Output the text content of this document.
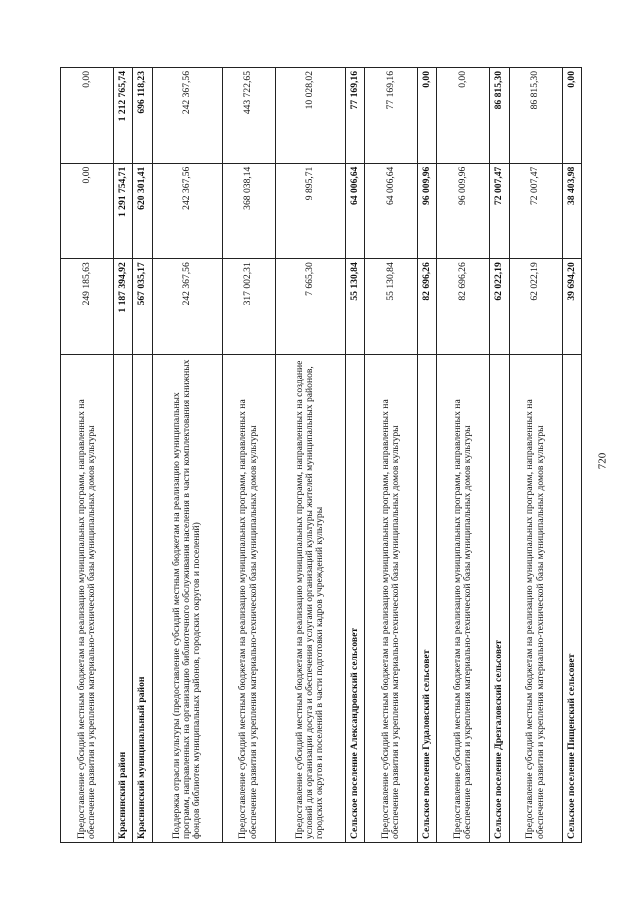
720
Предоставление субсидий местным бюджетам на реализацию муниципальных программ, направленных на обеспечение развития и укрепления материально-технической базы муниципальных домов культуры	249 185,63	0,00	0,00
Краснинский район	1 187 394,92	1 291 754,71	1 212 765,74
Краснинский муниципальный район	567 035,17	620 301,41	696 118,23
Поддержка отрасли культуры (предоставление субсидий местным бюджетам на реализацию муниципальных программ, направленных на организацию библиотечного обслуживания населения в части комплектования книжных фондов библиотек муниципальных районов, городских округов и поселений)	242 367,56	242 367,56	242 367,56
Предоставление субсидий местным бюджетам на реализацию муниципальных программ, направленных на обеспечение развития и укрепления материально-технической базы муниципальных домов культуры	317 002,31	368 038,14	443 722,65
Предоставление субсидий местным бюджетам на реализацию муниципальных программ, направленных на создание условий для организации досуга и обеспечения услугами организаций культуры жителей муниципальных районов, городских округов и поселений в части подготовки кадров учреждений культуры	7 665,30	9 895,71	10 028,02
Сельское поселение Александровский сельсовет	55 130,84	64 006,64	77 169,16
Предоставление субсидий местным бюджетам на реализацию муниципальных программ, направленных на обеспечение развития и укрепления материально-технической базы муниципальных домов культуры	55 130,84	64 006,64	77 169,16
Сельское поселение Гудаловский сельсовет	82 696,26	96 009,96	0,00
Предоставление субсидий местным бюджетам на реализацию муниципальных программ, направленных на обеспечение развития и укрепления материально-технической базы муниципальных домов культуры	82 696,26	96 009,96	0,00
Сельское поселение Дрезгаловский сельсовет	62 022,19	72 007,47	86 815,30
Предоставление субсидий местным бюджетам на реализацию муниципальных программ, направленных на обеспечение развития и укрепления материально-технической базы муниципальных домов культуры	62 022,19	72 007,47	86 815,30
Сельское поселение Пищенский сельсовет	39 694,20	38 403,98	0,00
